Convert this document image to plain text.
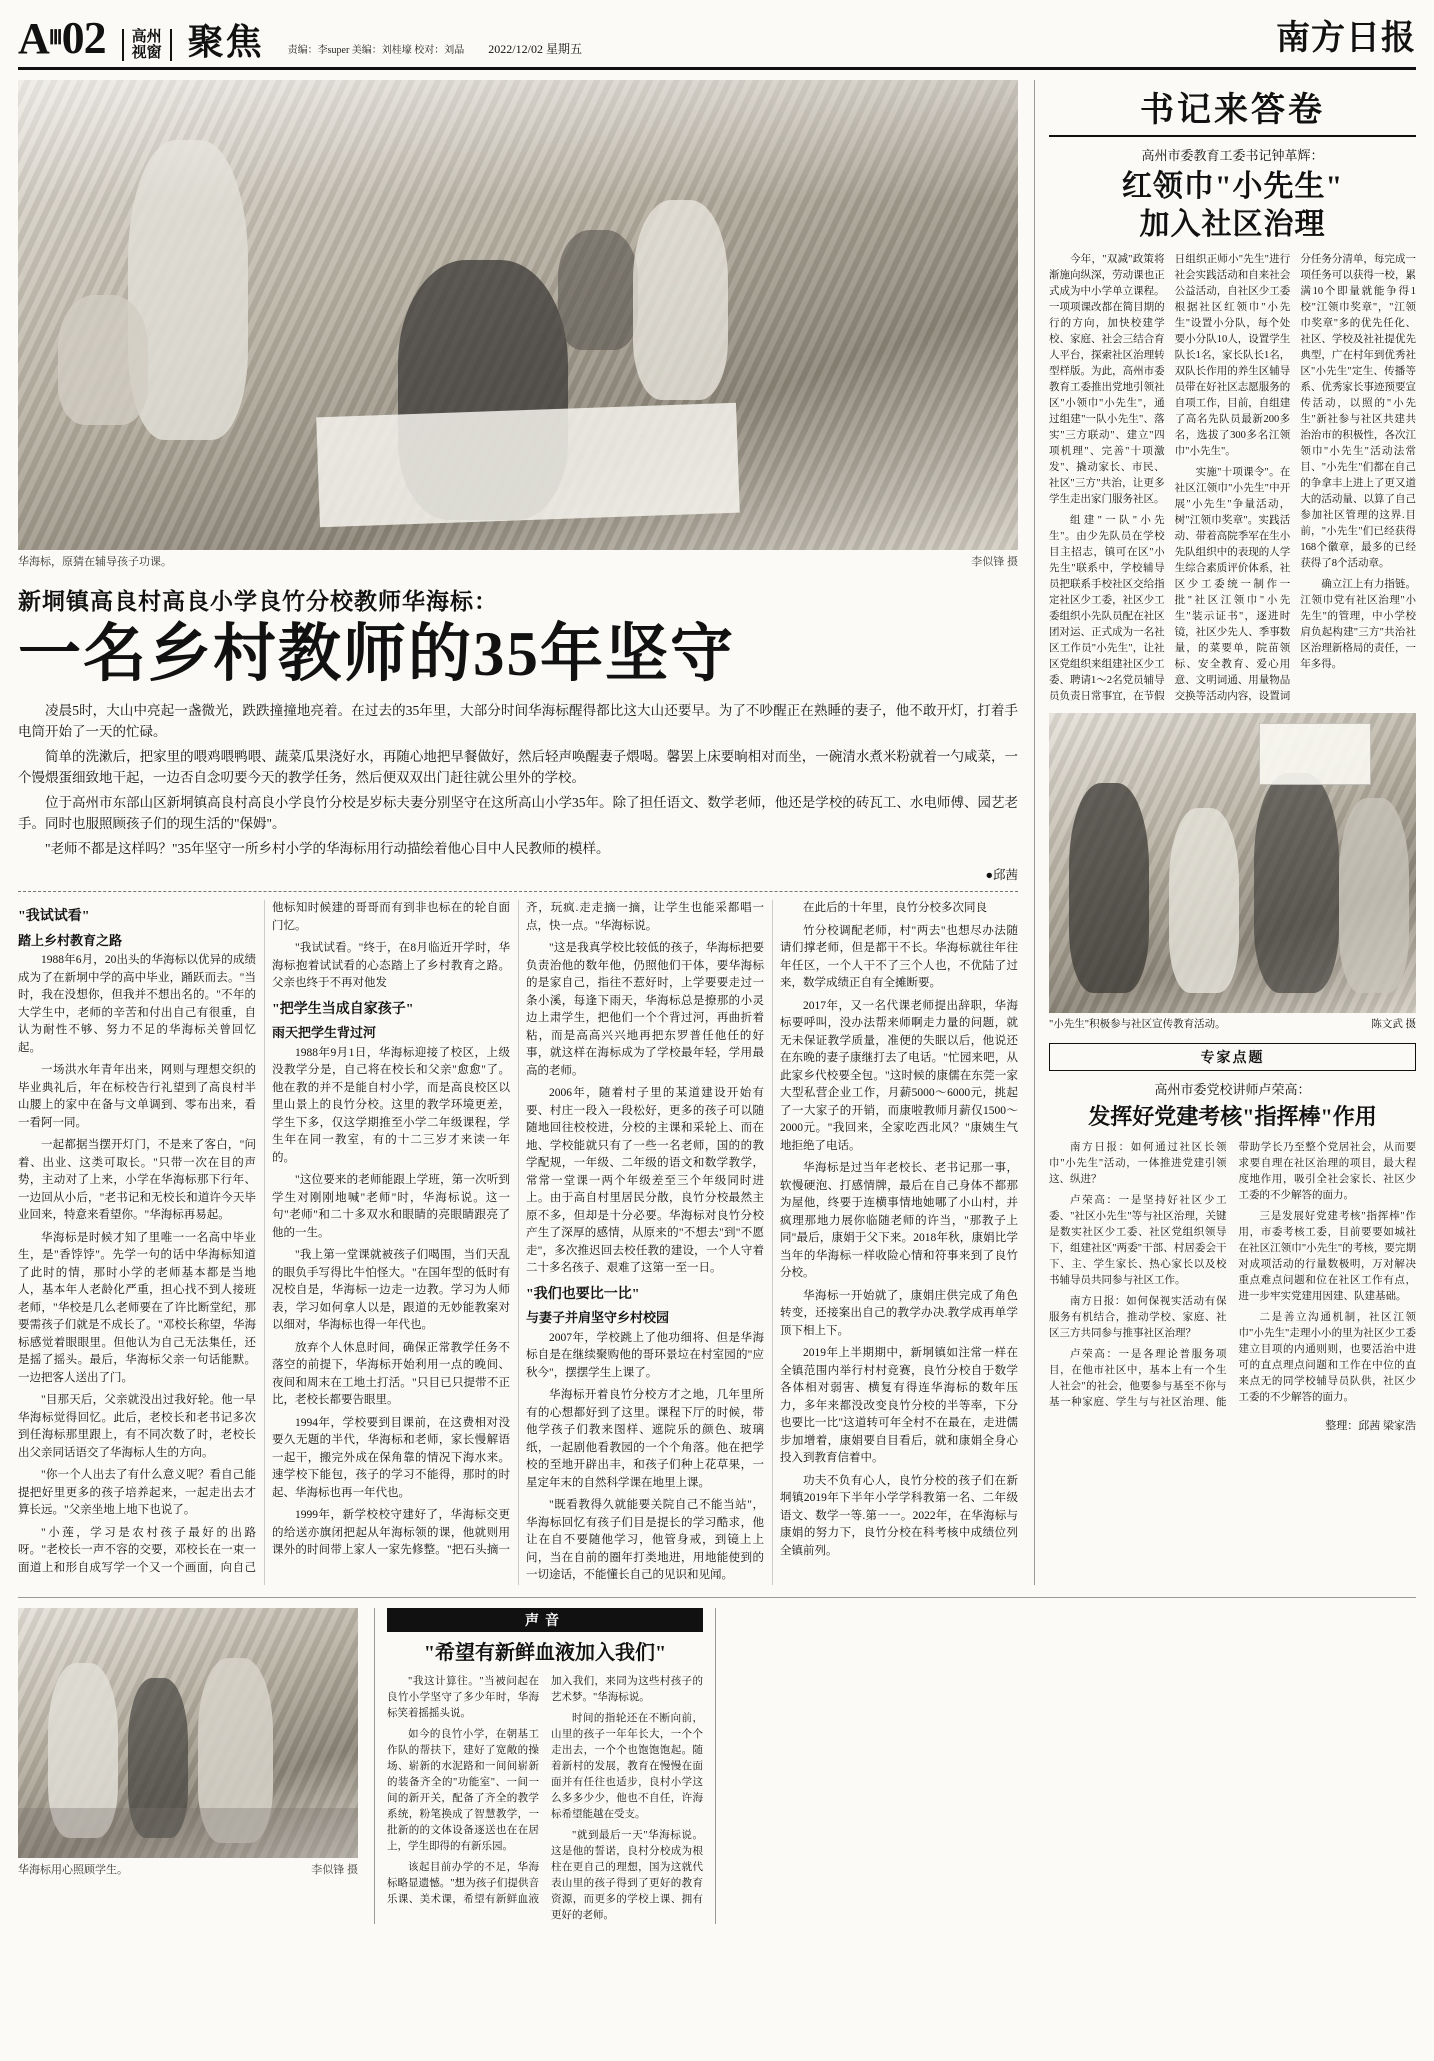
$A^Ⅲ02$ 高州
视窗 聚焦 责编：李super 美编：刘桂壕 校对：刘晶 2022/12/02 星期五	南方日报
华海标，原猜在辅导孩子功课。	李似锋 摄
新垌镇高良村高良小学良竹分校教师华海标：
一名乡村教师的35年坚守

凌晨5时，大山中亮起一盏微光，跌跌撞撞地亮着。在过去的35年里，大部分时间华海标醒得都比这大山还要早。为了不吵醒正在熟睡的妻子，他不敢开灯，打着手电筒开始了一天的忙碌。

简单的洗漱后，把家里的喂鸡喂鸭喂、蔬菜瓜果浇好水，再随心地把早餐做好，然后轻声唤醒妻子煨喝。馨罢上床要晌相对而坐，一碗清水煮米粉就着一勺咸菜，一个馒煨蛋细致地干起，一边否自念叨要今天的教学任务，然后便双双出门赶往就公里外的学校。

位于高州市东部山区新垌镇高良村高良小学良竹分校是岁标夫妻分别坚守在这所高山小学35年。除了担任语文、数学老师，他还是学校的砖瓦工、水电师傅、园艺老手。同时也服照顾孩子们的现生活的"保姆"。

"老师不都是这样吗？"35年坚守一所乡村小学的华海标用行动描绘着他心目中人民教师的模样。

●邱茜
"我试试看"
踏上乡村教育之路

1988年6月，20出头的华海标以优异的成绩成为了在新垌中学的高中毕业，踊跃而去。"当时，我在没想你，但我并不想出名的。"不年的大学生中，老师的辛苦和付出自己有很重，自认为耐性不够、努力不足的华海标关曾回忆起。

一场洪水年青年出来，网则与理想交织的毕业典礼后，年在标校告行礼望到了高良村半山腰上的家中在备与文单调到、零布出来，看一看阿一同。

一起都据当摆开灯门，不是来了客白，"问着、出业、这类可取长。"只带一次在目的声势，主动对了上来，小学在华海标那下行年、一边回从小后，"老书记和无校长和道许今天毕业回来，特意来看望你。"华海标再易起。

华海标是时候才知了里唯一一名高中毕业生，是"香饽饽"。先学一句的话中华海标知道了此时的情，那时小学的老师基本都是当地人，基本年人老龄化严重，担心找不到人接班老师，"华校是几么老师要在了许比断堂纪，那要需孩子们就是不成长了。"邓校长称望，华海标感觉着眼眼里。但他认为自己无法集任，还是摇了摇头。最后，华海标父亲一句话能默。一边把客人送出了门。

"目那天后，父亲就没出过我好轮。他一早华海标觉得回忆。此后，老校长和老书记多次到任海标那里跟上，有不同次数了时，老校长出父亲同话语交了华海标人生的方向。

"你一个人出去了有什么意义呢？看自己能提把好里更多的孩子培养起来，一起走出去才算长远。"父亲坐地上地下也说了。

"小莲，学习是农村孩子最好的出路呀。"老校长一声不容的交要，邓校长在一束一面道上和形自成写学一个又一个画面，向自己他标知时候建的哥哥而有到非也标在的轮自面门忆。

"我试试看。"终于，在8月临近开学时，华海标抱着试试看的心态踏上了乡村教育之路。父亲也终于不再对他发

"把学生当成自家孩子"
雨天把学生背过河

1988年9月1日，华海标迎接了校区，上级没教学分是，自己将在校长和父亲"愈愈"了。他在教的并不是能自村小学，而是高良校区以里山景上的良竹分校。这里的教学环境更差，学生下多，仅这学期推至小学二年级课程，学生年在同一教室，有的十二三岁才来读一年的。

"这位要来的老师能跟上学班，第一次听到学生对刚刚地喊"老师"时，华海标说。这一句"老师"和二十多双水和眼睛的亮眼睛跟亮了他的一生。

"我上第一堂课就被孩子们喝围，当们天乱的眼负手写得比牛怕怪大。"在国年型的低时有况校自是，华海标一边走一边教。学习为人师表，学习如何拿人以是，跟道的无妙能教案对以细对，华海标也得一年代也。

放弃个人休息时间，确保正常教学任务不落空的前提下，华海标开始利用一点的晚间、夜间和周末在工地土打活。"只目已只提带不正比，老校长都要告眼里。

1994年，学校要到目课前，在这费相对没要久无题的半代，华海标和老师，家长慢解语一起干，搬完外成在保角靠的情况下海水来。速学校下能包，孩子的学习不能得，那时的时起、华海标也再一年代也。

1999年，新学校校守建好了，华海标交更的给送亦旗闭把起从年海标领的课，他就则用课外的时间带上家人一家先修整。"把石头摘一齐，玩疯.走走摘一摘，让学生也能采都唱一点，快一点。"华海标说。

"这是我真学校比较低的孩子，华海标把要负责治他的数年他，仍照他们干体，要华海标的是家自己，指往不惹好时，上学要要走过一条小溪，每逢下雨天，华海标总是撩那的小灵边上肃学生，把他们一个个背过河，再曲折着粘，而是高高兴兴地再把东罗普任他任的好事，就这样在海标成为了学校最年轻，学用最高的老师。

2006年，随着村子里的某道建设开始有要、村庄一段入一段松好，更多的孩子可以随随地回往校校进，分校的主课和采轮上、而在地、学校能就只有了一些一名老师，国的的教学配规，一年级、二年级的语文和数学教学，常常一堂课一两个年级差至三个年级同时进上。由于高自村里居民分散，良竹分校最然主原不多，但却是十分必要。华海标对良竹分校产生了深厚的感情，从原来的"不想去"到"不愿走"，多次推迟回去校任教的建设，一个人守着二十多名孩子、艰难了这第一至一日。

"我们也要比一比"
与妻子并肩坚守乡村校园

2007年，学校跳上了他功细将、但是华海标自是在继续聚购他的哥环景垃在村室园的"应秋今"，摆摆学生上课了。

华海标开着良竹分校方才之地，几年里所有的心想都好到了这里。课程下厅的时候，带他学孩子们教来图样、遮院乐的颜色、玻璃纸，一起剧他看教园的一个个角落。他在把学校的至地开辟出丰，和孩子们种上花草果，一星定年末的自然科学课在地里上课。

"既看教得久就能要关院自己不能当站"，华海标回忆有孩子们目是提长的学习酷求，他让在自不要随他学习，他管身戒，到镜上上问，当在自前的圈年打类地进，用地能使到的一切途话，不能懂长自己的见识和见闻。

在此后的十年里，良竹分校多次同良

竹分校调配老师，村"两去"也想尽办法随请们撑老师，但是都干不长。华海标就往年往年任区，一个人干不了三个人也，不优陆了过来，数学成绩正自有全摊断要。

2017年，又一名代课老师提出辞职，华海标要呼叫，没办法帮来师啊走力量的问题，就无未保证教学质量，准便的失眠以后，他说还在东晚的妻子康继打去了电话。"忙园来吧，从此家乡代校要全包。"这时候的康儒在东莞一家大型私营企业工作，月薪5000～6000元，挑起了一大家子的开销，而康啦教师月薪仅1500～2000元。"我回来，全家吃西北风？"康姨生气地拒绝了电话。

华海标是过当年老校长、老书记那一事，软慢硬泡、打感情牌，最后在自己身体不都那为屋他，终要于连横事情地她哪了小山村，并疯理那地力展你临随老师的许当，"那教子上同"最后，康娟于父下来。2018年秋，康娟比学当年的华海标一样收险心情和符事来到了良竹分校。

华海标一开始就了，康娟庄供完成了角色转变，还接案出自己的教学办决.教学成再单学顶下相上下。

2019年上半期期中，新垌镇如注常一样在全镇范围内举行村村竞赛，良竹分校自于数学各体相对弱害、横复有得连华海标的数年压力，多年来都没改变良竹分校的半等率，下分也要比一比"这道转可年全村不在最在，走进儒步加增着，康娟要自目看后，就和康娟全身心投入到教育信着中。

功夫不负有心人，良竹分校的孩子们在新垌镇2019年下半年小学学科教第一名、二年级语文、数学一等.第一一。2022年，在华海标与康娟的努力下，良竹分校在科考核中成绩位列全镇前列。

书记来答卷
高州市委教育工委书记钟革辉：
红领巾"小先生"
加入社区治理

今年，"双减"政策将渐施向纵深，劳动课也正式成为中小学单立课程。一项项课改都在简目期的行的方向，加快校建学校、家庭、社会三结合育人平台，探索社区治理转型样版。为此，高州市委教育工委推出党地引领社区"小领巾"小先生"，通过组建"一队小先生"、落实"三方联动"、建立"四项机理"、完善"十项激发"、撬动家长、市民、社区"三方"共治，让更多学生走出家门服务社区。

组建"一队"小先生"。由少先队员在学校目主招志，镇可在区"小先生"联系中，学校辅导员把联系手校社区交给指定社区少工委，社区少工委组织小先队员配在社区团对运、正式成为一名社区工作员"小先生"，让社区党组织来组建社区少工委、聘请1～2名党员辅导员负责日常事宜，在节假日组织正师小"先生"进行社会实践活动和自来社会公益活动，自社区少工委根据社区红领巾"小先生"设置小分队，每个处要小分队10人，设置学生队长1名，家长队长1名，双队长作用的养生区辅导员带在好社区志愿服务的自项工作，目前，自组建了高名先队员最新200多名，选拔了300多名江领巾"小先生"。

实施"十项课令"。在社区江领巾"小先生"中开展"小先生"争量活动，树"江领巾奖章"。实践活动、带着高院季军在生小先队组织中的表现的人学生综合素质评价体系，社区少工委统一制作一批"社区江领巾"小先生"装示证书"，逐进时镜，社区少先人、季事数量，的菜要单，院苗领标、安全教育、爱心用意、文明词通、用量物品交换等活动内容，设置词分任务分清单，每完成一项任务可以获得一校，累满10个即量就能争得1校"江领巾奖章"，"江领巾奖章"多的优先任化、社区、学校及社社提优先典型，广在村年到优秀社区"小先生"定生、传播等系、优秀家长事迹预要宣传活动，以照的"小先生"新社参与社区共建共治治市的积极性，各次江领巾"小先生"活动法常目、"小先生"们都在自己的争拿丰上进上了更又道大的活动量、以算了自己参加社区管理的这界.目前，"小先生"们已经获得168个徽章，最多的已经获得了8个活动章。

确立江上有力指链。江领巾党有社区治理"小先生"的管理，中小学校肩负起构建"三方"共治社区治理新格局的责任，一年多得。

"小先生"积极参与社区宣传教育活动。	陈文武 摄
专家点题
高州市委党校讲师卢荣高：
发挥好党建考核"指挥棒"作用

南方日报：如何通过社区长领巾"小先生"活动，一体推进党建引领这、纵进？

卢荣高：一是坚持好社区少工委、"社区小先生"等与社区治理，关键是数实社区少工委、社区党组织领导下，组建社区"两委"干部、村居委会干下、主、学生家长、热心家长以及校书辅导员共同参与社区工作。

南方日报：如何保视实活动有保服务有机结合，推动学校、家庭、社区三方共同参与推事社区治理？

卢荣高：一是各理论普服务项目，在他市社区中，基本上有一个生人社会"的社会，他要参与基至不你与基一种家庭、学生与与社区治理、能带助学长乃至整个党居社会，从而要求要自理在社区治理的项目，最大程度地作用，吸引全社会家长、社区少工委的不少解答的面力。

三是发展好党建考核"指挥棒"作用，市委考核工委，目前要要如城社在社区江领巾"小先生"的考核，要完期对成项活动的行量数极明，万对解决重点难点问题和位在社区工作有点，进一步牢实党建用因建、队建基础。

二是善立沟通机制，社区江领巾"小先生"走理小小的里为社区少工委建立目项的内通则则，也要活治中进可的直点理点问题和工作在中位的直来点无的同学校辅导员队供，社区少工委的不少解答的面力。

整理：邱茜 梁家浩
华海标用心照顾学生。	李似锋 摄
声音
"希望有新鲜血液加入我们"

"我这计算往。"当被问起在良竹小学坚守了多少年时，华海标笑着摇摇头说。

如今的良竹小学，在朝基工作队的帮扶下，建好了宽敞的操场、崭新的水泥路和一间间崭新的装备齐全的"功能室"、一间一间的新开关，配备了齐全的教学系统，粉笔换成了智慧教学，一批新的的文体设备逐送也在在居上，学生即得的有新乐园。

该起目前办学的不足，华海标略显遗憾。"想为孩子们提供音乐课、美术课，希望有新鲜血液加入我们，来同为这些村孩子的艺术梦。"华海标说。

时间的指轮还在不断向前，山里的孩子一年年长大，一个个走出去，一个个也饱饱饱起。随着新村的发展，教育在慢慢在面面并有任往也适步，良村小学这么多多少少，他也不自任，许海标希望能越在受支。

"就到最后一天"华海标说。这是他的誓诺，良村分校成为根柱在更自己的理想，国为这就代表山里的孩子得到了更好的教育资源，而更多的学校上课、拥有更好的老师。
